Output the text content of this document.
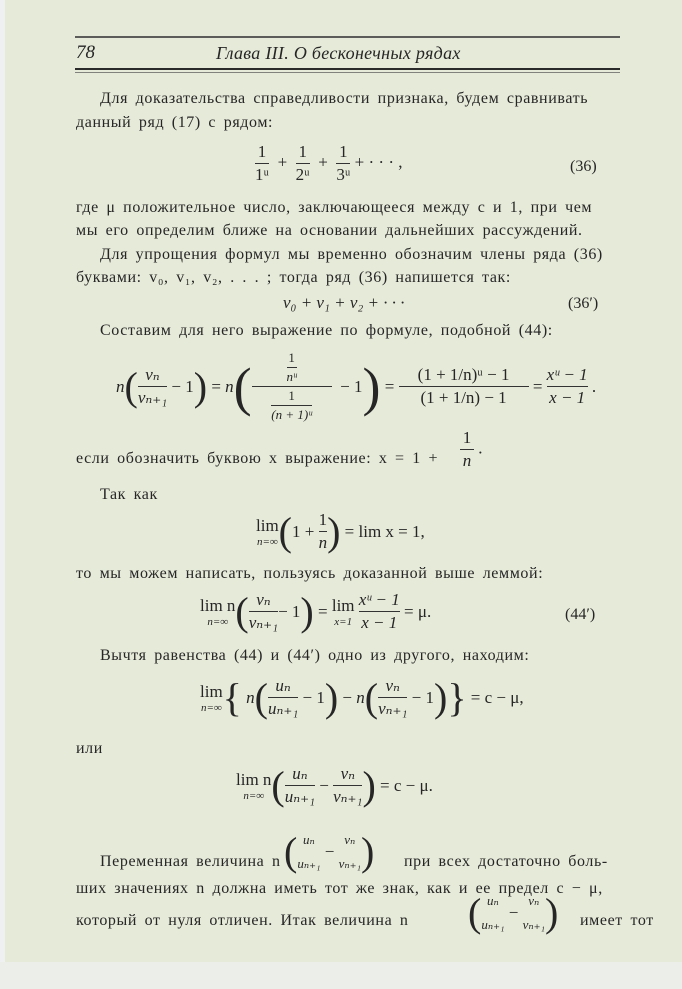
78	Глава III. О бесконечных рядах
Для доказательства справедливости признака, будем сравнивать
данный ряд (17) с рядом:
$\frac{1}{\text{1ᵘ}} + \frac{1}{\text{2ᵘ}} + \frac{1}{\text{3ᵘ}}$ + · · · ,	(36)
где μ положительное число, заключающееся между c и 1, при чем
мы его определим ближе на основании дальнейших рассуждений.
Для упрощения формул мы временно обозначим члены ряда (36)
буквами: v₀, v₁, v₂, . . . ; тогда ряд (36) напишется так:
v₀ + v₁ + v₂ + · · ·	(36′)
Составим для него выражение по формуле, подобной (44):
n ( $\frac{\text{vₙ}}{\text{vₙ₊₁}} - 1$ ) = n ( $\frac{\frac{1}{\text{nᵘ}}}{\frac{1}{\text{(n + 1)ᵘ}}} - 1$ ) = $\frac{\text{(1 + 1/n)ᵘ − 1}}{(1 + 1/n) - 1} = \frac{\text{xᵘ − 1}}{x - 1}$ .
если обозначить буквою x выражение: $x = 1 + \frac{1}{n}$ .
Так как
lim
n=∞ ( $1 + \frac{1}{n}$ )
= lim x = 1,
то мы можем написать, пользуясь доказанной выше леммой:
lim n
n=∞ ( $\frac{\text{vₙ}}{\text{vₙ₊₁}} - 1$ ) = lim
x=1
$\frac{\text{xᵘ − 1}}{x - 1}$
= μ.	(44′)
Вычтя равенства (44) и (44′) одно из другого, находим:
lim
n=∞ {
n ( $\frac{\text{uₙ}}{\text{uₙ₊₁}} - 1$ ) − n ( $\frac{\text{vₙ}}{\text{vₙ₊₁}} - 1$ ) }
= c − μ,
или
lim n
n=∞ ( $\frac{\text{uₙ}}{\text{uₙ₊₁}} - \frac{\text{vₙ}}{\text{vₙ₊₁}}$ )
= c − μ.
Переменная величина n ( uₙ
uₙ₊₁
−
vₙ
vₙ₊₁ ) при всех достаточно боль-
ших значениях n должна иметь тот же знак, как и ее предел c − μ,
который от нуля отличен. Итак величина n ( uₙ
uₙ₊₁
−
vₙ
vₙ₊₁ ) имеет тот
